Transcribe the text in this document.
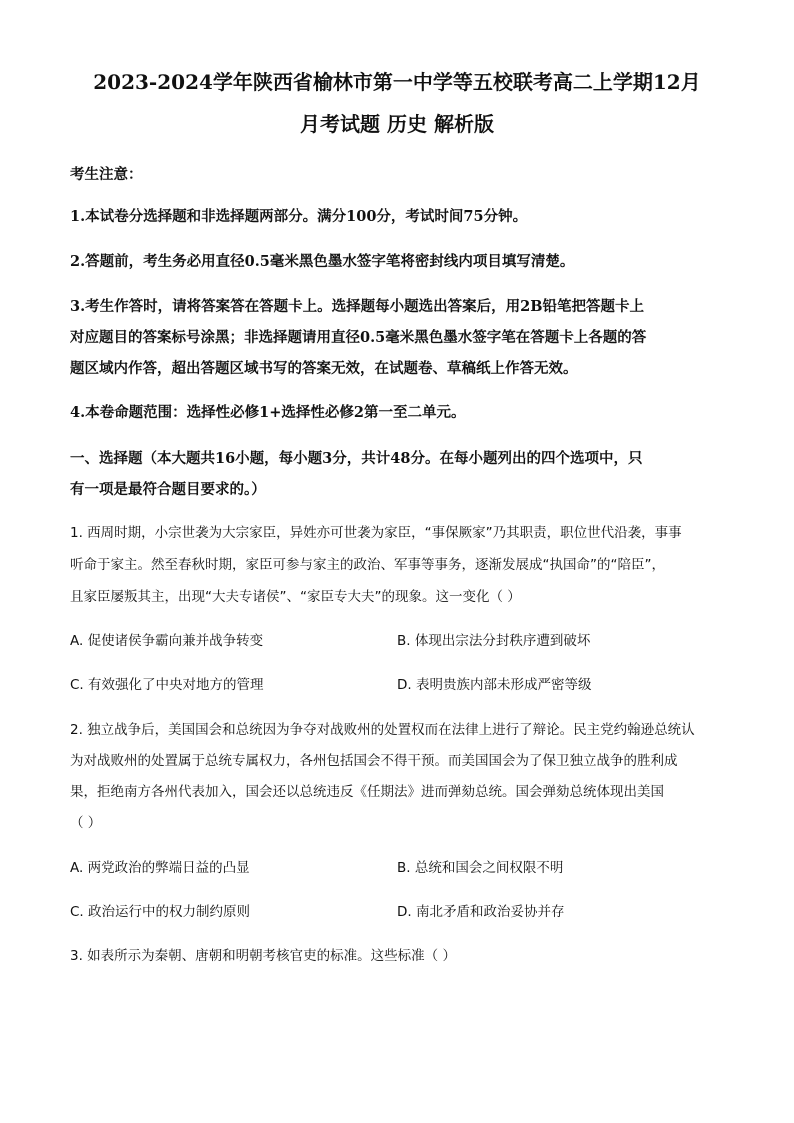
2023-2024学年陕西省榆林市第一中学等五校联考高二上学期12月
月考试题 历史 解析版
考生注意：
1.本试卷分选择题和非选择题两部分。满分100分，考试时间75分钟。
2.答题前，考生务必用直径0.5毫米黑色墨水签字笔将密封线内项目填写清楚。
3.考生作答时，请将答案答在答题卡上。选择题每小题选出答案后，用2B铅笔把答题卡上
对应题目的答案标号涂黑；非选择题请用直径0.5毫米黑色墨水签字笔在答题卡上各题的答
题区域内作答，超出答题区域书写的答案无效，在试题卷、草稿纸上作答无效。
4.本卷命题范围：选择性必修1+选择性必修2第一至二单元。
一、选择题（本大题共16小题，每小题3分，共计48分。在每小题列出的四个选项中，只
有一项是最符合题目要求的。）
1. 西周时期，小宗世袭为大宗家臣，异姓亦可世袭为家臣，“事保厥家”乃其职责，职位世代沿袭，事事
听命于家主。然至春秋时期，家臣可参与家主的政治、军事等事务，逐渐发展成“执国命”的“陪臣”，
且家臣屡叛其主，出现“大夫专诸侯”、“家臣专大夫”的现象。这一变化（ ）
A. 促使诸侯争霸向兼并战争转变	B. 体现出宗法分封秩序遭到破坏
C. 有效强化了中央对地方的管理	D. 表明贵族内部未形成严密等级
2. 独立战争后，美国国会和总统因为争夺对战败州的处置权而在法律上进行了辩论。民主党约翰逊总统认
为对战败州的处置属于总统专属权力，各州包括国会不得干预。而美国国会为了保卫独立战争的胜利成
果，拒绝南方各州代表加入，国会还以总统违反《任期法》进而弹劾总统。国会弹劾总统体现出美国
（ ）
A. 两党政治的弊端日益的凸显	B. 总统和国会之间权限不明
C. 政治运行中的权力制约原则	D. 南北矛盾和政治妥协并存
3. 如表所示为秦朝、唐朝和明朝考核官吏的标准。这些标准（ ）
